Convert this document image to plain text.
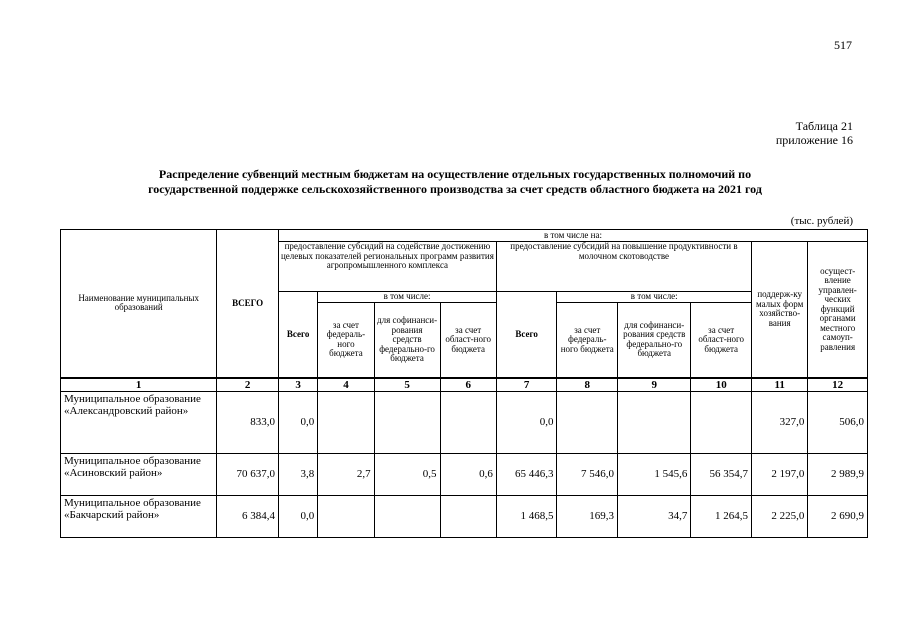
517
Таблица 21
приложение 16
Распределение субвенций местным бюджетам на осуществление отдельных государственных полномочий по
государственной поддержке сельскохозяйственного производства за счет средств областного бюджета на 2021 год
(тыс. рублей)
Наименование муниципальных образований	ВСЕГО	в том числе на:									
		предоставление субсидий на содействие достижению целевых показателей региональных программ развития агропромышленного комплекса				предоставление субсидий на повышение продуктивности в молочном скотоводстве				поддерж-ку малых форм хозяйство-вания	осущест-вление управлен-ческих функций органами местного самоуп-равления
		Всего	в том числе:			Всего	в том числе:				
			за счет федераль-ного бюджета	для софинанси-рования средств федерально-го бюджета	за счет област-ного бюджета		за счет федераль-ного бюджета	для софинанси-рования средств федерально-го бюджета	за счет област-ного бюджета		
1	2	3	4	5	6	7	8	9	10	11	12
Муниципальное образование «Александровский район»	833,0	0,0				0,0				327,0	506,0
Муниципальное образование «Асиновский район»	70 637,0	3,8	2,7	0,5	0,6	65 446,3	7 546,0	1 545,6	56 354,7	2 197,0	2 989,9
Муниципальное образование «Бакчарский район»	6 384,4	0,0				1 468,5	169,3	34,7	1 264,5	2 225,0	2 690,9
